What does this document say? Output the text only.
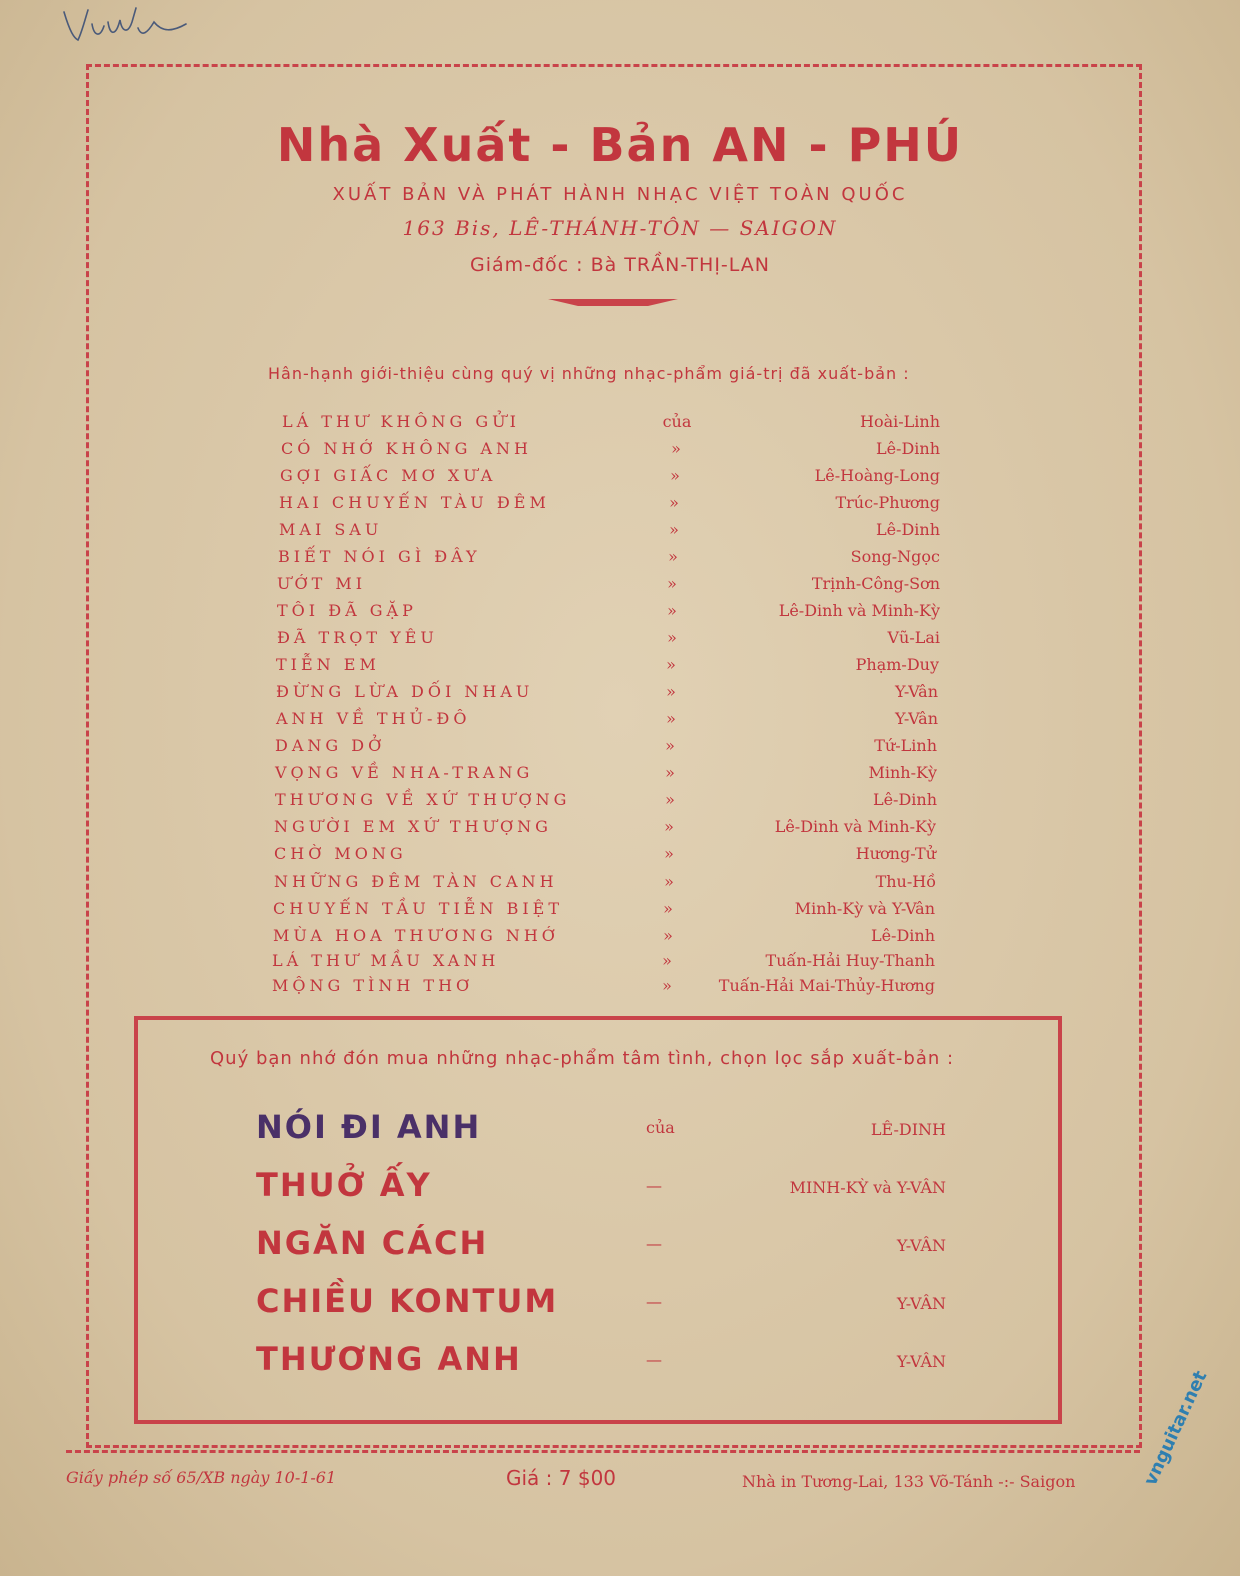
Nhà Xuất - Bản AN - PHÚ
XUẤT BẢN VÀ PHÁT HÀNH NHẠC VIỆT TOÀN QUỐC
163 Bis, LÊ-THÁNH-TÔN — SAIGON
Giám-đốc : Bà TRẦN-THỊ-LAN
Hân-hạnh giới-thiệu cùng quý vị những nhạc-phẩm giá-trị đã xuất-bản :
LÁ THƯ KHÔNG GỬI	của	Hoài-Linh
CÓ NHỚ KHÔNG ANH	»	Lê-Dinh
GỢI GIẤC MƠ XƯA	»	Lê-Hoàng-Long
HAI CHUYẾN TÀU ĐÊM	»	Trúc-Phương
MAI SAU	»	Lê-Dinh
BIẾT NÓI GÌ ĐÂY	»	Song-Ngọc
ƯỚT MI	»	Trịnh-Công-Sơn
TÔI ĐÃ GẶP	»	Lê-Dinh và Minh-Kỳ
ĐÃ TRỌT YÊU	»	Vũ-Lai
TIỄN EM	»	Phạm-Duy
ĐỪNG LỪA DỐI NHAU	»	Y-Vân
ANH VỀ THỦ-ĐÔ	»	Y-Vân
DANG DỞ	»	Tứ-Linh
VỌNG VỀ NHA-TRANG	»	Minh-Kỳ
THƯƠNG VỀ XỨ THƯỢNG	»	Lê-Dinh
NGƯỜI EM XỨ THƯỢNG	»	Lê-Dinh và Minh-Kỳ
CHỜ MONG	»	Hương-Tử
NHỮNG ĐÊM TÀN CANH	»	Thu-Hồ
CHUYẾN TẦU TIỄN BIỆT	»	Minh-Kỳ và Y-Vân
MÙA HOA THƯƠNG NHỚ	»	Lê-Dinh
LÁ THƯ MẦU XANH	»	Tuấn-Hải Huy-Thanh
MỘNG TÌNH THƠ	»	Tuấn-Hải Mai-Thủy-Hương
Quý bạn nhớ đón mua những nhạc-phẩm tâm tình, chọn lọc sắp xuất-bản :
NÓI ĐI ANH	của	LÊ-DINH
THUỞ ẤY	—	MINH-KỲ và Y-VÂN
NGĂN CÁCH	—	Y-VÂN
CHIỀU KONTUM	—	Y-VÂN
THƯƠNG ANH	—	Y-VÂN
Giấy phép số 65/XB ngày 10-1-61	Giá : 7 $00	Nhà in Tương-Lai, 133 Võ-Tánh -:- Saigon	vnguitar.net
